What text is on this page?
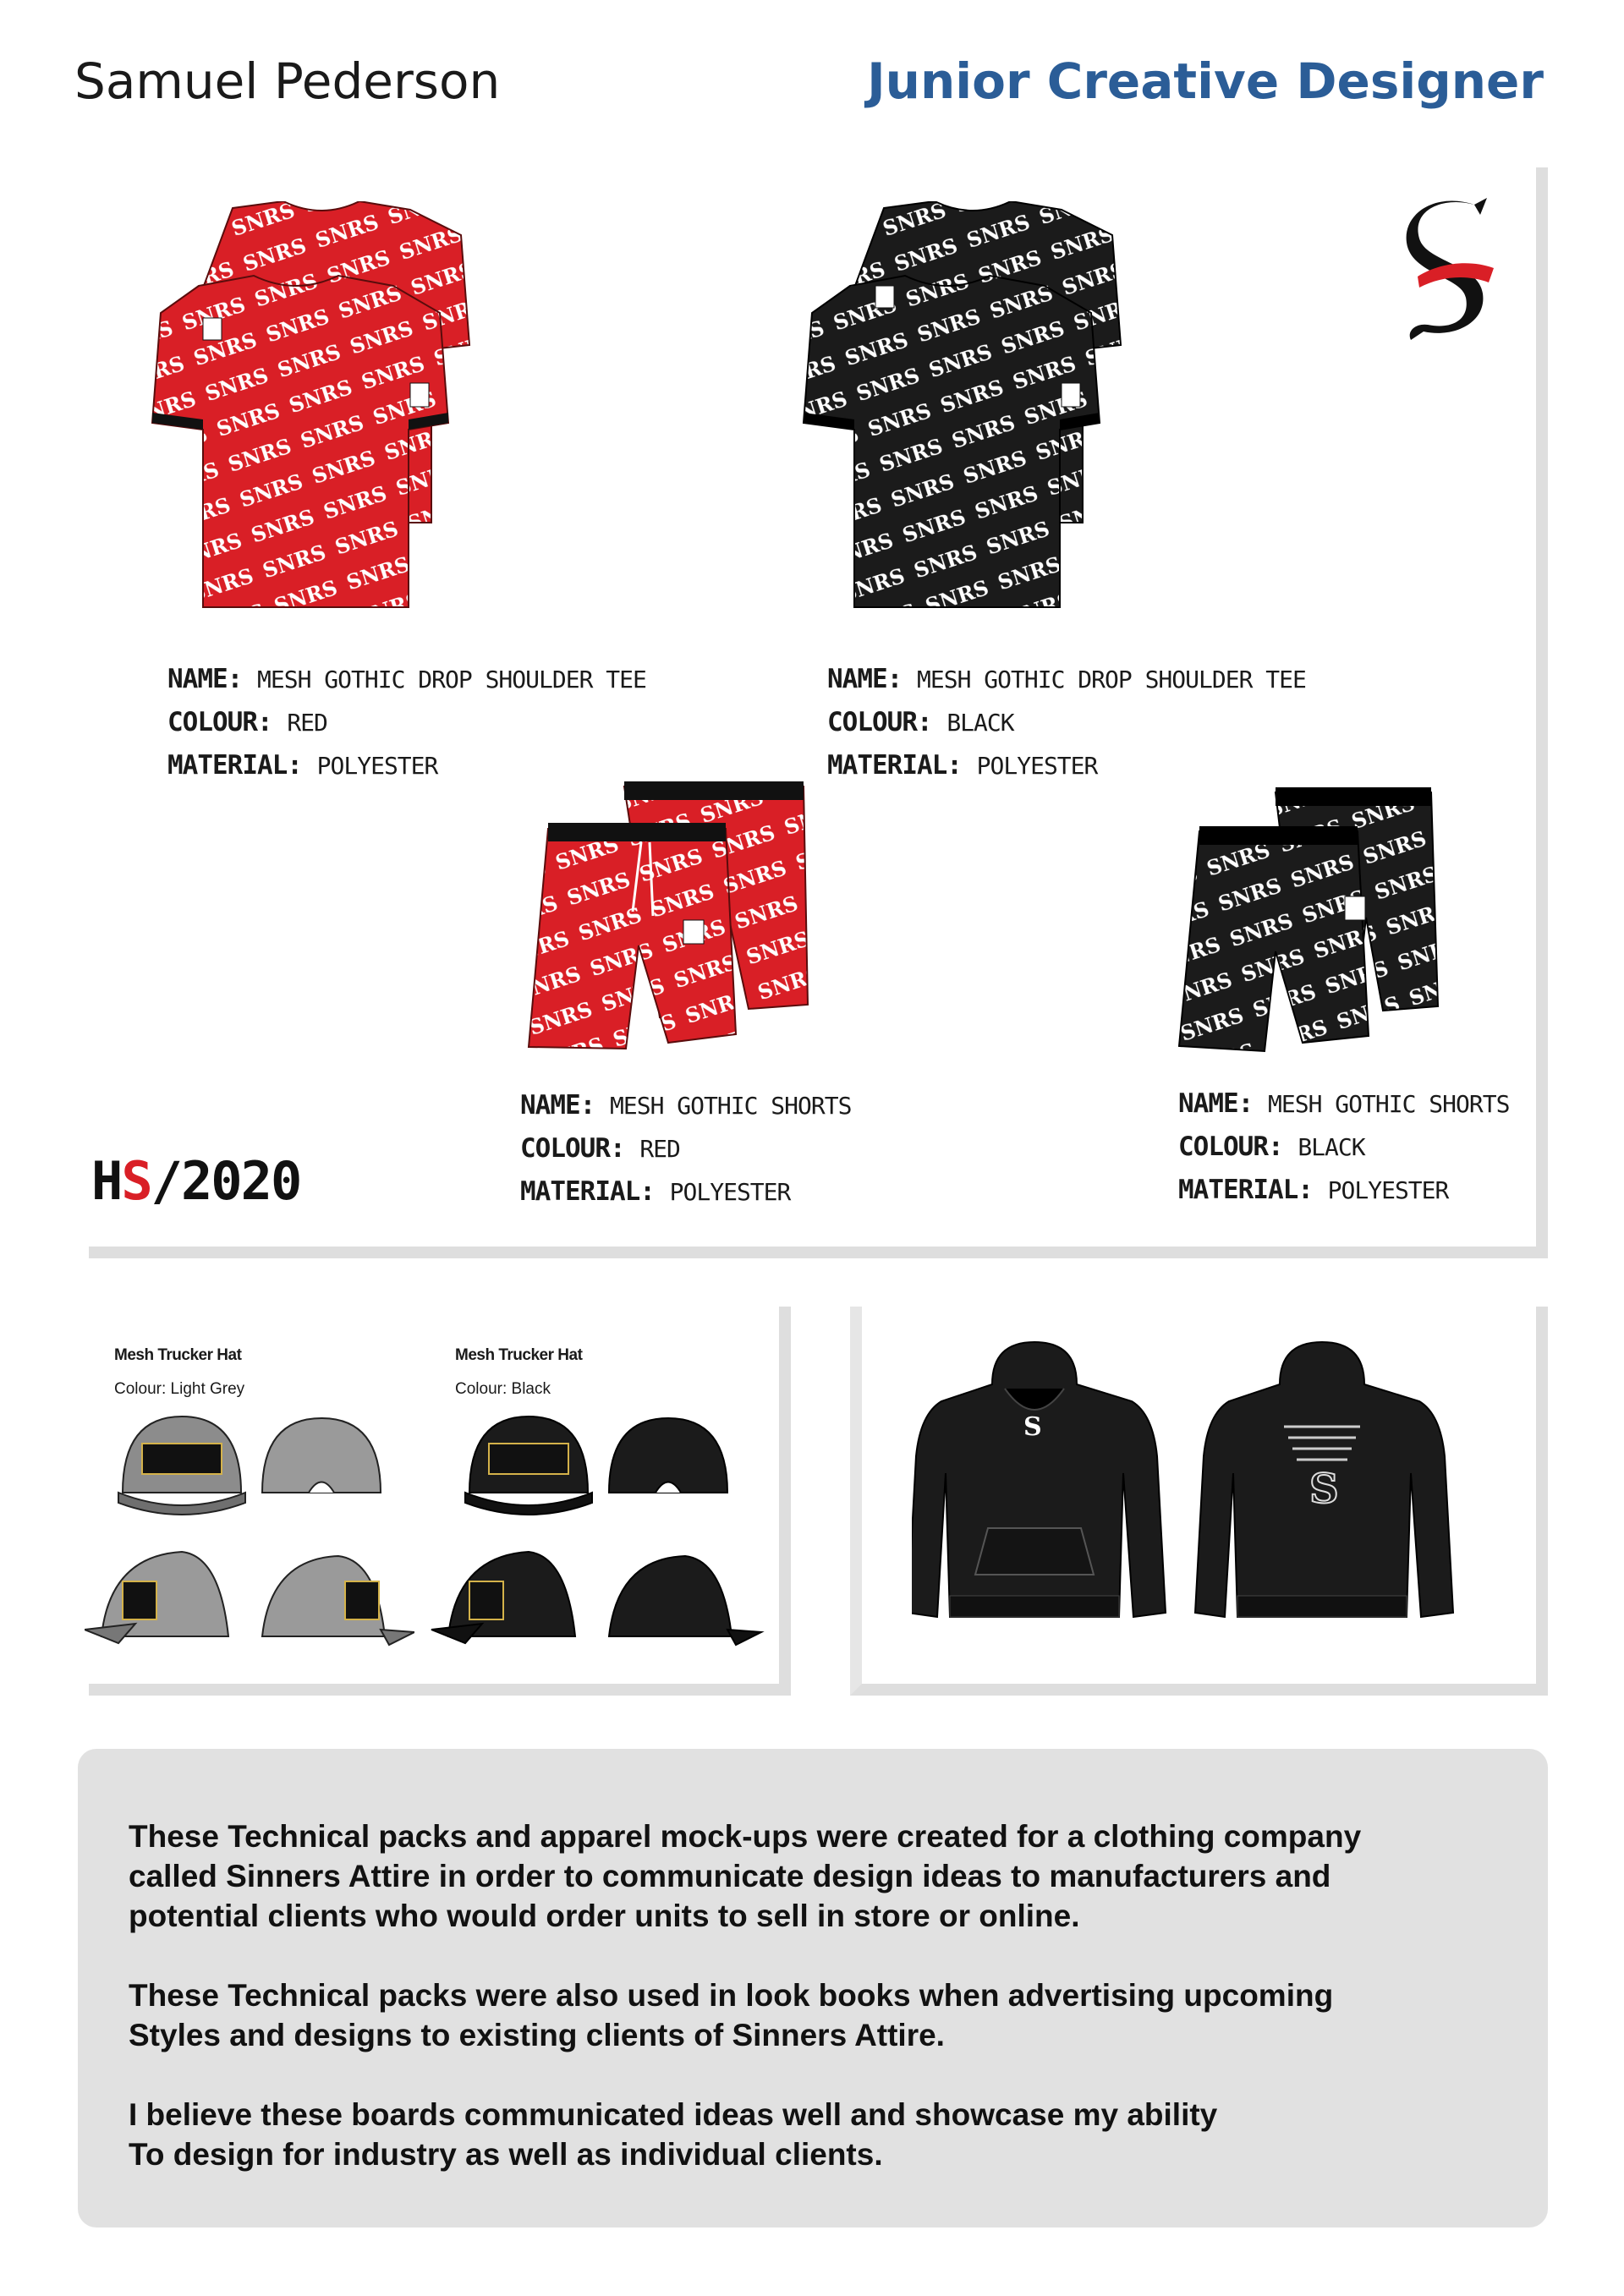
Samuel Pederson	Junior Creative Designer
NAME: MESH GOTHIC DROP SHOULDER TEE
COLOUR: RED
MATERIAL: POLYESTER
NAME: MESH GOTHIC DROP SHOULDER TEE
COLOUR: BLACK
MATERIAL: POLYESTER
NAME: MESH GOTHIC SHORTS
COLOUR: RED
MATERIAL: POLYESTER
NAME: MESH GOTHIC SHORTS
COLOUR: BLACK
MATERIAL: POLYESTER
HS/2020
Mesh Trucker Hat
Colour: Light Grey
Mesh Trucker Hat
Colour: Black
S
S

These Technical packs and apparel mock-ups were created for a clothing company
called Sinners Attire in order to communicate design ideas to manufacturers and
potential clients who would order units to sell in store or online.

These Technical packs were also used in look books when advertising upcoming
Styles and designs to existing clients of Sinners Attire.

I believe these boards communicated ideas well and showcase my ability
To design for industry as well as individual clients.
